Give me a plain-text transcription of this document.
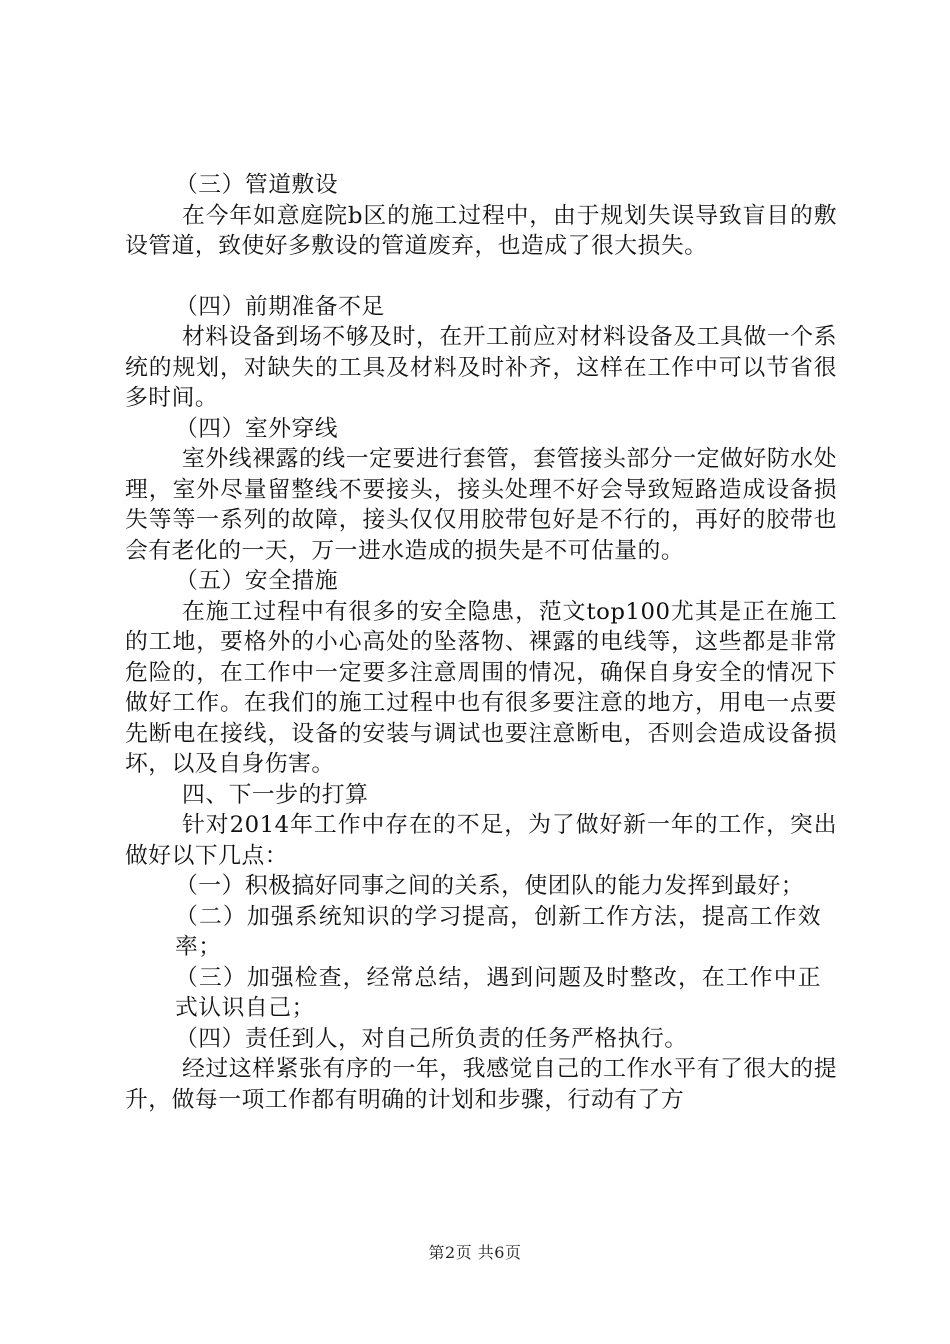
（三）管道敷设

在今年如意庭院b区的施工过程中，由于规划失误导致盲目的敷设管道，致使好多敷设的管道废弃，也造成了很大损失。

（四）前期准备不足

材料设备到场不够及时，在开工前应对材料设备及工具做一个系统的规划，对缺失的工具及材料及时补齐，这样在工作中可以节省很多时间。

（四）室外穿线

室外线裸露的线一定要进行套管，套管接头部分一定做好防水处理，室外尽量留整线不要接头，接头处理不好会导致短路造成设备损失等等一系列的故障，接头仅仅用胶带包好是不行的，再好的胶带也会有老化的一天，万一进水造成的损失是不可估量的。

（五）安全措施

在施工过程中有很多的安全隐患，范文top100尤其是正在施工的工地，要格外的小心高处的坠落物、裸露的电线等，这些都是非常危险的，在工作中一定要多注意周围的情况，确保自身安全的情况下做好工作。在我们的施工过程中也有很多要注意的地方，用电一点要先断电在接线，设备的安装与调试也要注意断电，否则会造成设备损坏，以及自身伤害。

四、下一步的打算

针对2014年工作中存在的不足，为了做好新一年的工作，突出做好以下几点：

（一）积极搞好同事之间的关系，使团队的能力发挥到最好；

（二）加强系统知识的学习提高，创新工作方法，提高工作效率；

（三）加强检查，经常总结，遇到问题及时整改，在工作中正式认识自己；

（四）责任到人，对自己所负责的任务严格执行。

经过这样紧张有序的一年，我感觉自己的工作水平有了很大的提升，做每一项工作都有明确的计划和步骤，行动有了方

第2页 共6页
